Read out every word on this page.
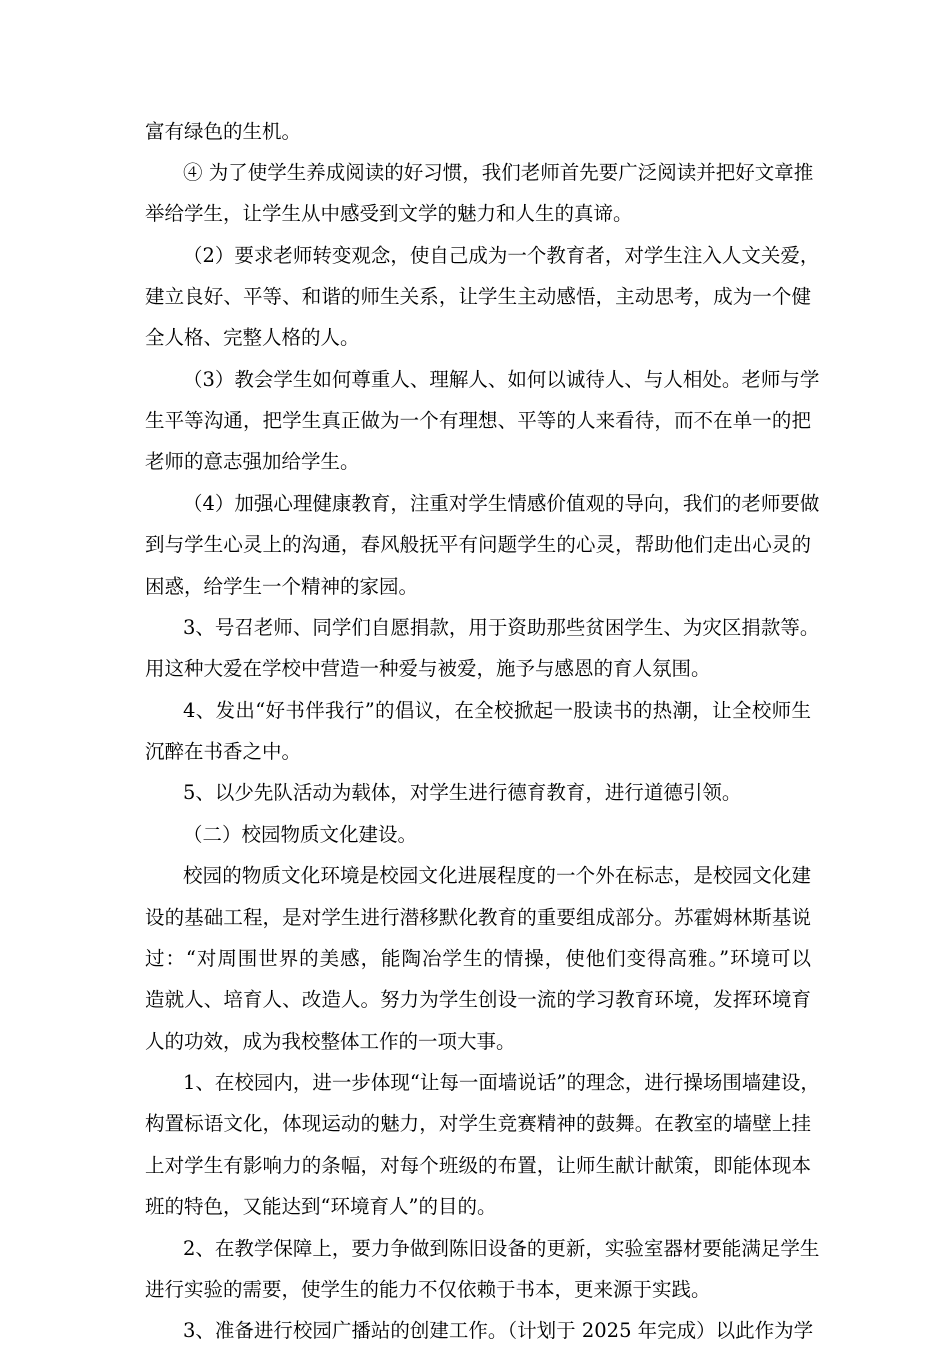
富有绿色的生机。
④ 为了使学生养成阅读的好习惯，我们老师首先要广泛阅读并把好文章推
举给学生，让学生从中感受到文学的魅力和人生的真谛。
（2）要求老师转变观念，使自己成为一个教育者，对学生注入人文关爱，
建立良好、平等、和谐的师生关系，让学生主动感悟，主动思考，成为一个健
全人格、完整人格的人。
（3）教会学生如何尊重人、理解人、如何以诚待人、与人相处。老师与学
生平等沟通，把学生真正做为一个有理想、平等的人来看待，而不在单一的把
老师的意志强加给学生。
（4）加强心理健康教育，注重对学生情感价值观的导向，我们的老师要做
到与学生心灵上的沟通，春风般抚平有问题学生的心灵，帮助他们走出心灵的
困惑，给学生一个精神的家园。
3、号召老师、同学们自愿捐款，用于资助那些贫困学生、为灾区捐款等。
用这种大爱在学校中营造一种爱与被爱，施予与感恩的育人氛围。
4、发出“好书伴我行”的倡议，在全校掀起一股读书的热潮，让全校师生
沉醉在书香之中。
5、以少先队活动为载体，对学生进行德育教育，进行道德引领。
（二）校园物质文化建设。
校园的物质文化环境是校园文化进展程度的一个外在标志，是校园文化建
设的基础工程，是对学生进行潜移默化教育的重要组成部分。苏霍姆林斯基说
过：“对周围世界的美感，能陶冶学生的情操，使他们变得高雅。”环境可以
造就人、培育人、改造人。努力为学生创设一流的学习教育环境，发挥环境育
人的功效，成为我校整体工作的一项大事。
1、在校园内，进一步体现“让每一面墙说话”的理念，进行操场围墙建设，
构置标语文化，体现运动的魅力，对学生竞赛精神的鼓舞。在教室的墙壁上挂
上对学生有影响力的条幅，对每个班级的布置，让师生献计献策，即能体现本
班的特色，又能达到“环境育人”的目的。
2、在教学保障上，要力争做到陈旧设备的更新，实验室器材要能满足学生
进行实验的需要，使学生的能力不仅依赖于书本，更来源于实践。
3、准备进行校园广播站的创建工作。（计划于 2025 年完成）以此作为学
